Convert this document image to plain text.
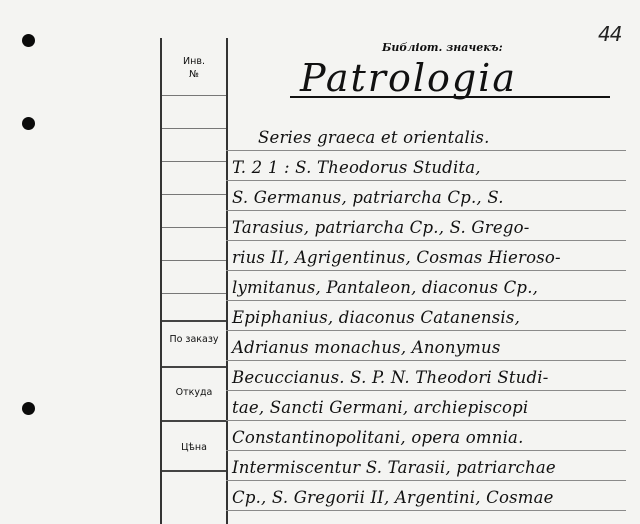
Инв.
№
По заказу
Откуда
Цѣна
Библіот. значекъ:
44
Patrologia
Series graeca et orientalis.
T. 2 1 : S. Theodorus Studita,
S. Germanus, patriarcha Cp., S.
Tarasius, patriarcha Cp., S. Grego-
rius II, Agrigentinus, Cosmas Hieroso-
lymitanus, Pantaleon, diaconus Cp.,
Epiphanius, diaconus Catanensis,
Adrianus monachus, Anonymus
Becuccianus. S. P. N. Theodori Studi-
tae, Sancti Germani, archiepiscopi
Constantinopolitani, opera omnia.
Intermiscentur S. Tarasii, patriarchae
Cp., S. Gregorii II, Argentini, Cosmae
